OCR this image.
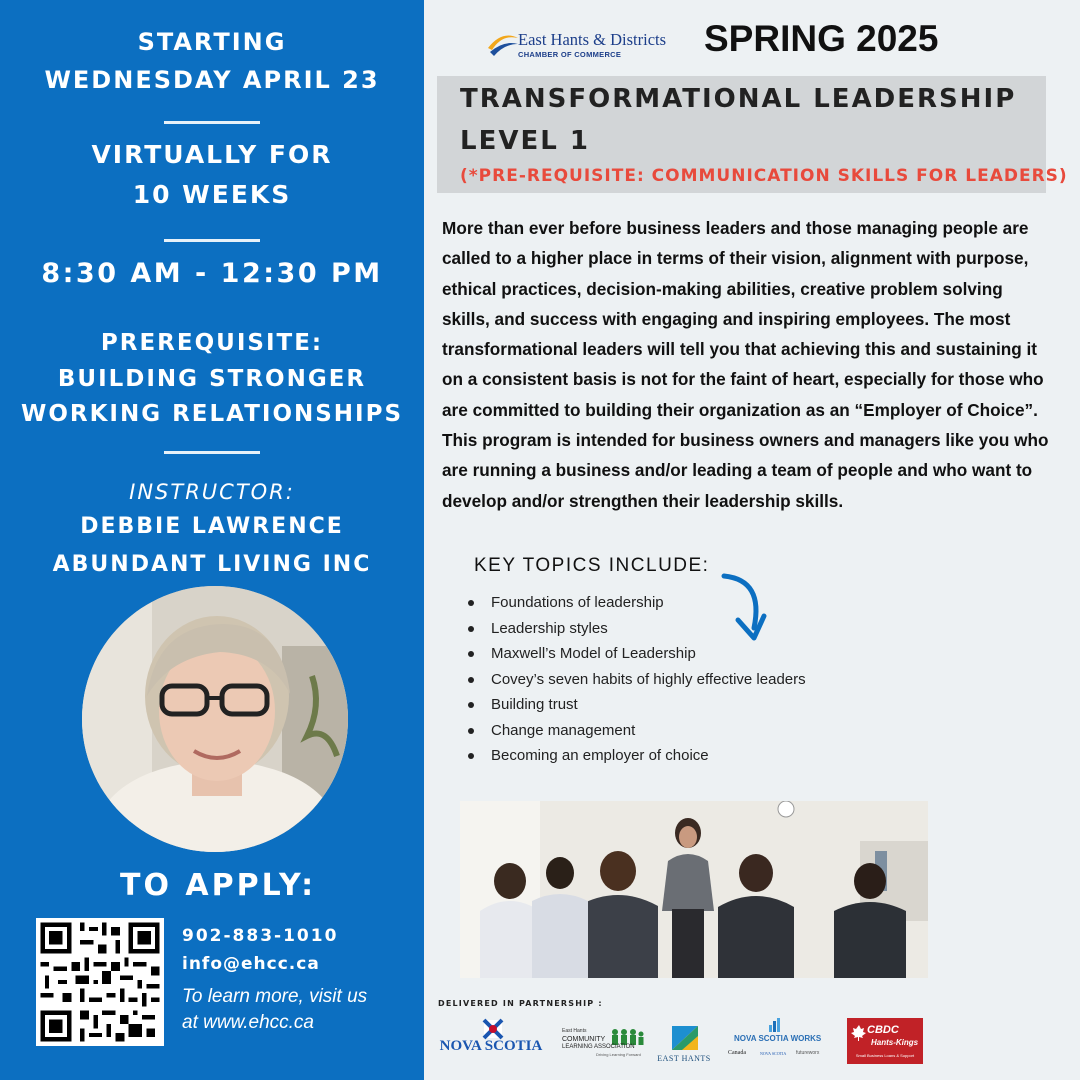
STARTING
WEDNESDAY APRIL 23
VIRTUALLY FOR
10 WEEKS
8:30 AM - 12:30 PM
PREREQUISITE:
BUILDING STRONGER
WORKING RELATIONSHIPS
INSTRUCTOR:
DEBBIE LAWRENCE
ABUNDANT LIVING INC
TO APPLY:
902-883-1010
info@ehcc.ca
To learn more, visit us
at www.ehcc.ca
East Hants & Districts
CHAMBER OF COMMERCE SPRING 2025
TRANSFORMATIONAL LEADERSHIP
LEVEL 1
(*PRE-REQUISITE: COMMUNICATION SKILLS FOR LEADERS)
More than ever before business leaders and those managing people are called to a higher place in terms of their vision, alignment with purpose, ethical practices, decision-making abilities, creative problem solving skills, and success with engaging and inspiring employees. The most transformational leaders will tell you that achieving this and sustaining it on a consistent basis is not for the faint of heart, especially for those who are committed to building their organization as an “Employer of Choice”. This program is intended for business owners and managers like you who are running a business and/or leading a team of people and who want to develop and/or strengthen their leadership skills.
KEY TOPICS INCLUDE:
Foundations of leadership
Leadership styles
Maxwell’s Model of Leadership
Covey’s seven habits of highly effective leaders
Building trust
Change management
Becoming an employer of choice
DELIVERED IN PARTNERSHIP :
NOVA SCOTIA
East Hants
COMMUNITY
LEARNING ASSOCIATION
Driving Learning Forward	EAST HANTS
NOVA SCOTIA WORKS
Canada	NOVA SCOTIA futureworx
CBDC
Hants-Kings
Small Business Loans & Support
